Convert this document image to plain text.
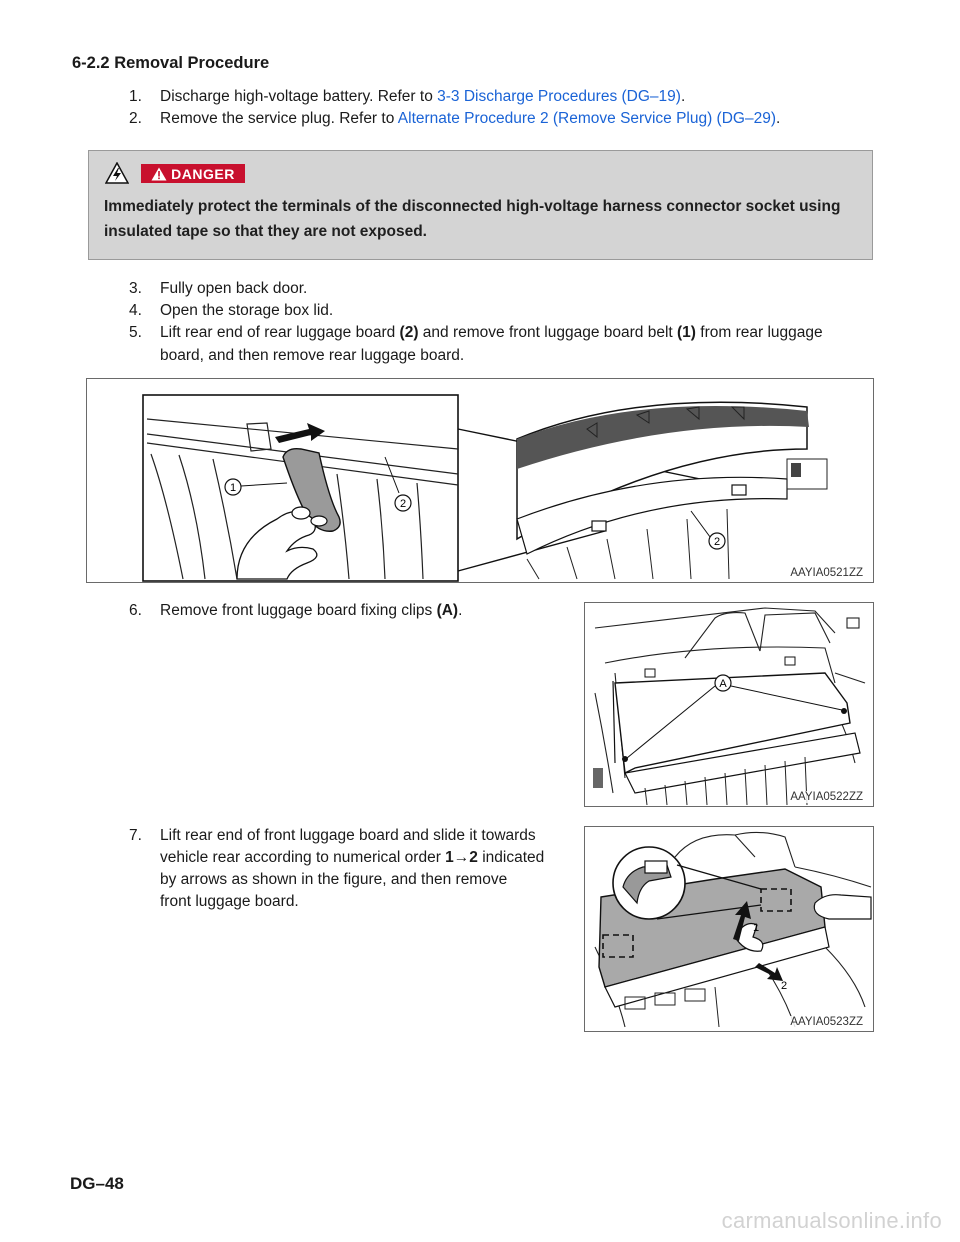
6-2.2 Removal Procedure
1. Discharge high-voltage battery. Refer to 3-3 Discharge Procedures (DG–19).
2. Remove the service plug. Refer to Alternate Procedure 2 (Remove Service Plug) (DG–29).
DANGER
Immediately protect the terminals of the disconnected high-voltage harness connector socket using insulated tape so that they are not exposed.
3. Fully open back door.
4. Open the storage box lid.
5. Lift rear end of rear luggage board (2) and remove front luggage board belt (1) from rear luggage
board, and then remove rear luggage board.
1
2
2
AAYIA0521ZZ
6. Remove front luggage board fixing clips (A).
A
AAYIA0522ZZ
7. Lift rear end of front luggage board and slide it towards
vehicle rear according to numerical order 1→2 indicated
by arrows as shown in the figure, and then remove
front luggage board.
1
2
AAYIA0523ZZ
DG–48
carmanualsonline.info
